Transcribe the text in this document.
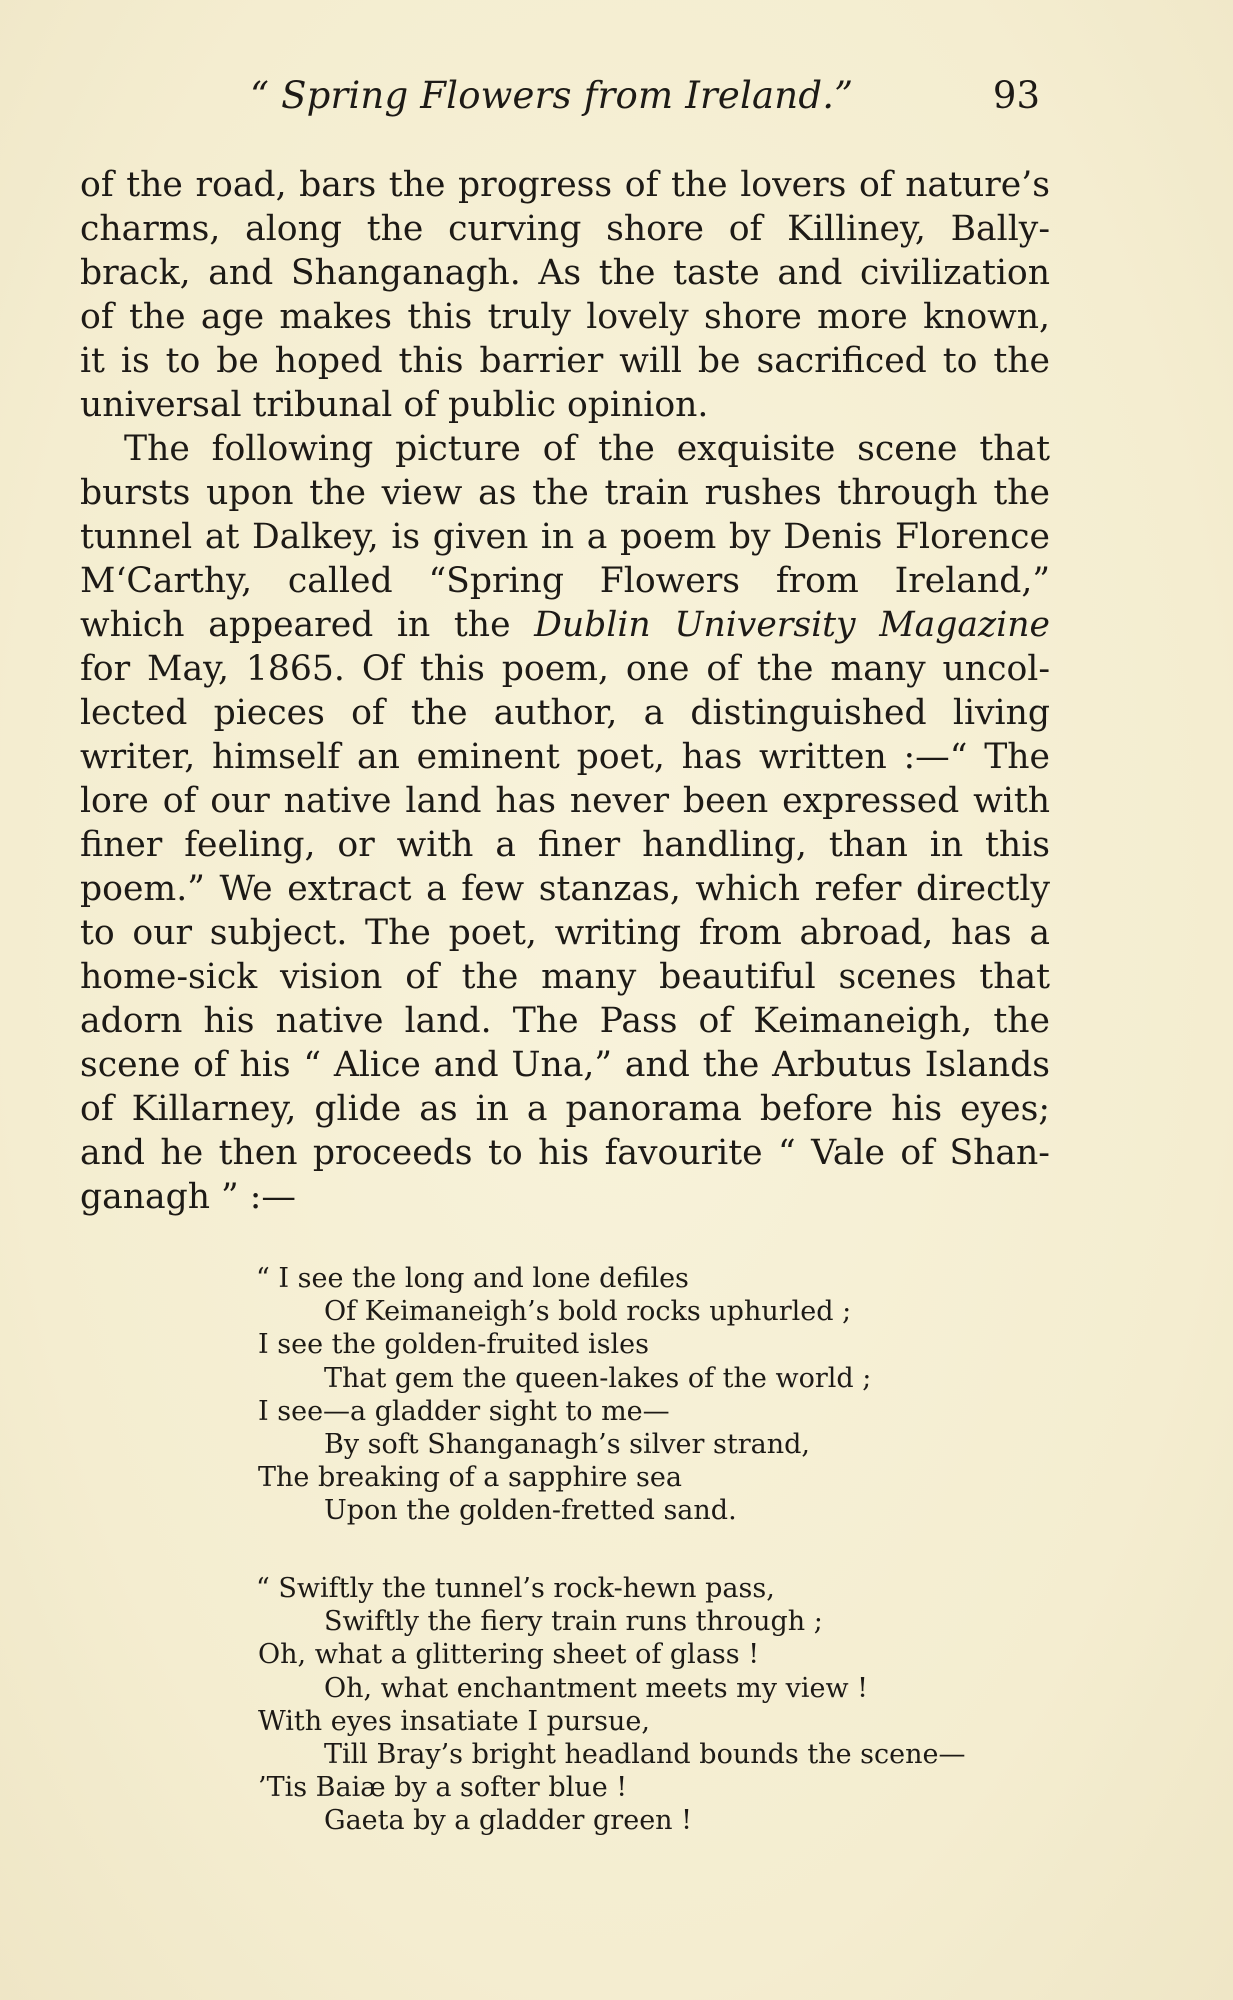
“ Spring Flowers from Ireland.”	93
of the road, bars the progress of the lovers of nature’s
charms, along the curving shore of Killiney, Bally-
brack, and Shanganagh. As the taste and civilization
of the age makes this truly lovely shore more known,
it is to be hoped this barrier will be sacrificed to the
universal tribunal of public opinion.
The following picture of the exquisite scene that
bursts upon the view as the train rushes through the
tunnel at Dalkey, is given in a poem by Denis Florence
M‘Carthy, called “Spring Flowers from Ireland,”
which appeared in the Dublin University Magazine
for May, 1865. Of this poem, one of the many uncol-
lected pieces of the author, a distinguished living
writer, himself an eminent poet, has written :—“ The
lore of our native land has never been expressed with
finer feeling, or with a finer handling, than in this
poem.” We extract a few stanzas, which refer directly
to our subject. The poet, writing from abroad, has a
home-sick vision of the many beautiful scenes that
adorn his native land. The Pass of Keimaneigh, the
scene of his “ Alice and Una,” and the Arbutus Islands
of Killarney, glide as in a panorama before his eyes;
and he then proceeds to his favourite “ Vale of Shan-
ganagh ” :—
“ I see the long and lone defiles
Of Keimaneigh’s bold rocks uphurled ;
I see the golden-fruited isles
That gem the queen-lakes of the world ;
I see—a gladder sight to me—
By soft Shanganagh’s silver strand,
The breaking of a sapphire sea
Upon the golden-fretted sand.
“ Swiftly the tunnel’s rock-hewn pass,
Swiftly the fiery train runs through ;
Oh, what a glittering sheet of glass !
Oh, what enchantment meets my view !
With eyes insatiate I pursue,
Till Bray’s bright headland bounds the scene—
’Tis Baiæ by a softer blue !
Gaeta by a gladder green !
